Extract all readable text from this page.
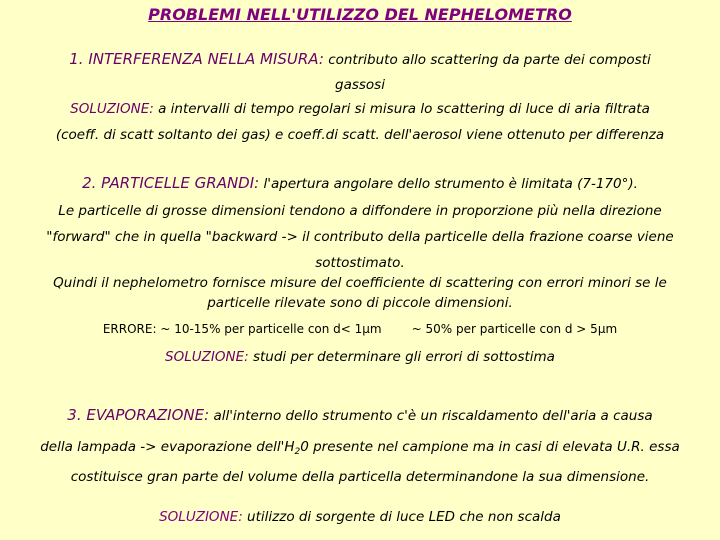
PROBLEMI NELL'UTILIZZO DEL NEPHELOMETRO
1. INTERFERENZA NELLA MISURA: contributo allo scattering da parte dei composti
gassosi
SOLUZIONE: a intervalli di tempo regolari si misura lo scattering di luce di aria filtrata
(coeff. di scatt soltanto dei gas) e coeff.di scatt. dell'aerosol viene ottenuto per differenza
2. PARTICELLE GRANDI: l'apertura angolare dello strumento è limitata (7-170°).
Le particelle di grosse dimensioni tendono a diffondere in proporzione più nella direzione
"forward" che in quella "backward -> il contributo della particelle della frazione coarse viene
sottostimato.
Quindi il nephelometro fornisce misure del coefficiente di scattering con errori minori se le
particelle rilevate sono di piccole dimensioni.
ERRORE: ~ 10-15% per particelle con d< 1μm	~ 50% per particelle con d > 5μm
SOLUZIONE: studi per determinare gli errori di sottostima
3. EVAPORAZIONE: all'interno dello strumento c'è un riscaldamento dell'aria a causa
della lampada -> evaporazione $dell'H_20$ presente nel campione ma in casi di elevata U.R. essa
costituisce gran parte del volume della particella determinandone la sua dimensione.
SOLUZIONE: utilizzo di sorgente di luce LED che non scalda
